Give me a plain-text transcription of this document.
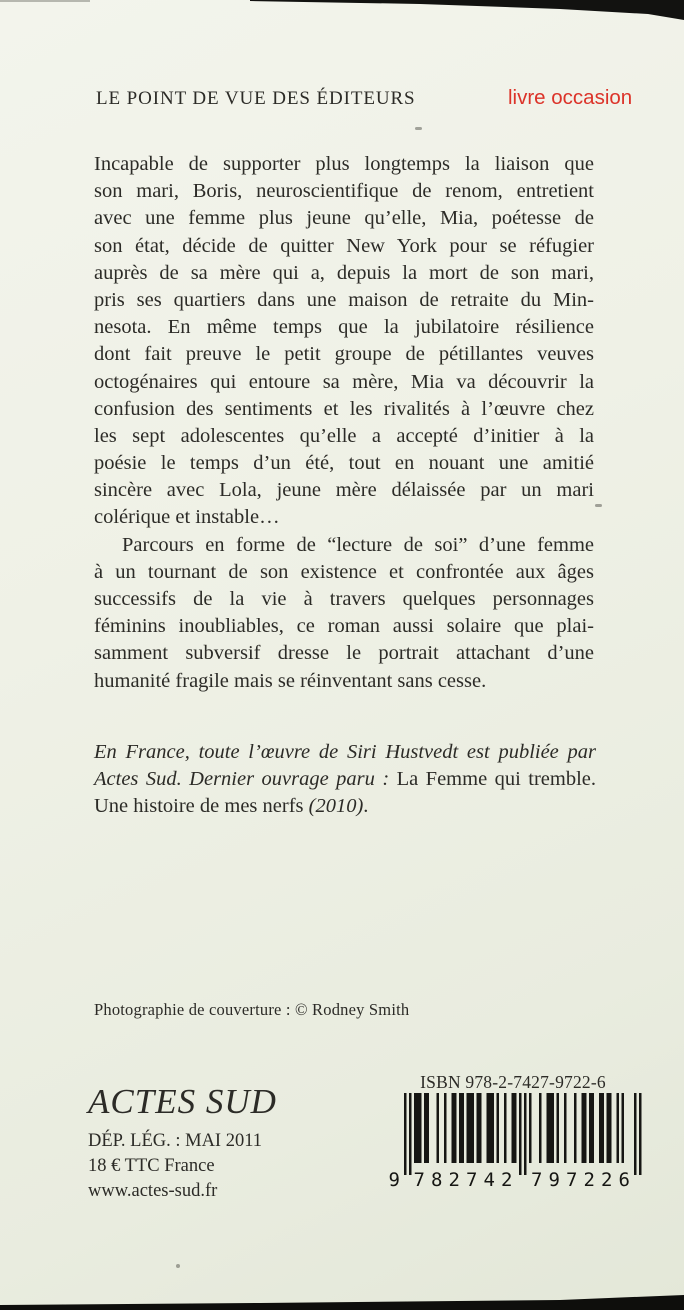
LE POINT DE VUE DES ÉDITEURS	livre occasion
Incapable de supporter plus longtemps la liaison que
son mari, Boris, neuroscientifique de renom, entretient
avec une femme plus jeune qu’elle, Mia, poétesse de
son état, décide de quitter New York pour se réfugier
auprès de sa mère qui a, depuis la mort de son mari,
pris ses quartiers dans une maison de retraite du Min-
nesota. En même temps que la jubilatoire résilience
dont fait preuve le petit groupe de pétillantes veuves
octogénaires qui entoure sa mère, Mia va découvrir la
confusion des sentiments et les rivalités à l’œuvre chez
les sept adolescentes qu’elle a accepté d’initier à la
poésie le temps d’un été, tout en nouant une amitié
sincère avec Lola, jeune mère délaissée par un mari
colérique et instable…
Parcours en forme de “lecture de soi” d’une femme
à un tournant de son existence et confrontée aux âges
successifs de la vie à travers quelques personnages
féminins inoubliables, ce roman aussi solaire que plai-
samment subversif dresse le portrait attachant d’une
humanité fragile mais se réinventant sans cesse.
En France, toute l’œuvre de Siri Hustvedt est publiée par
Actes Sud. Dernier ouvrage paru : La Femme qui tremble.
Une histoire de mes nerfs (2010).
Photographie de couverture : © Rodney Smith
ACTES SUD
DÉP. LÉG. : MAI 2011
18 € TTC France
www.actes-sud.fr
ISBN 978-2-7427-9722-6
9 782742 797226
